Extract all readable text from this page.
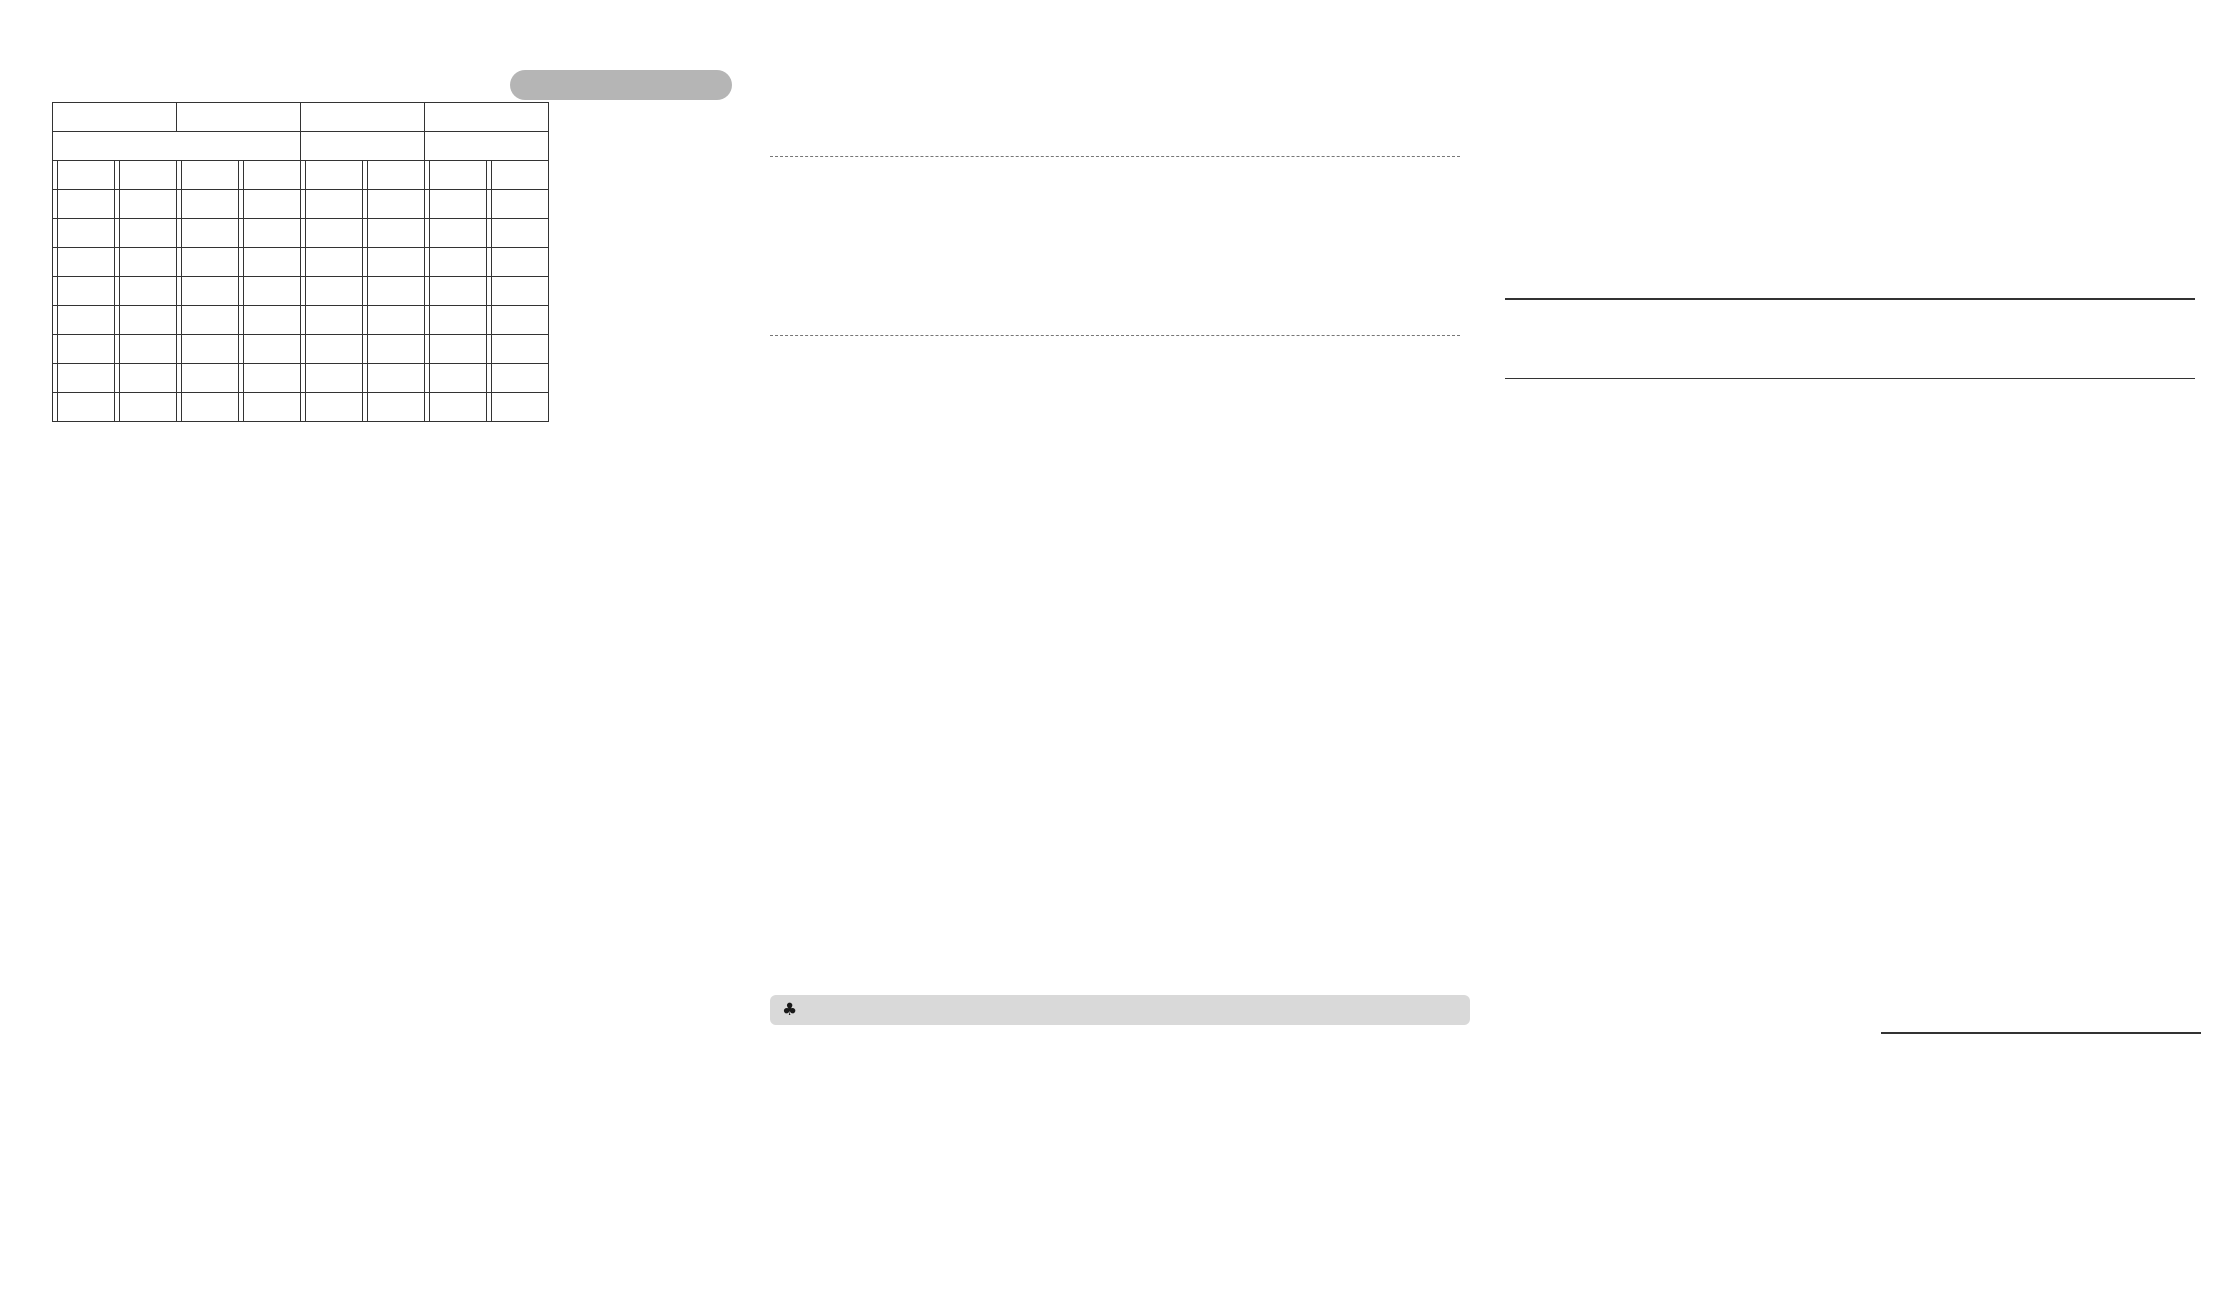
♣
